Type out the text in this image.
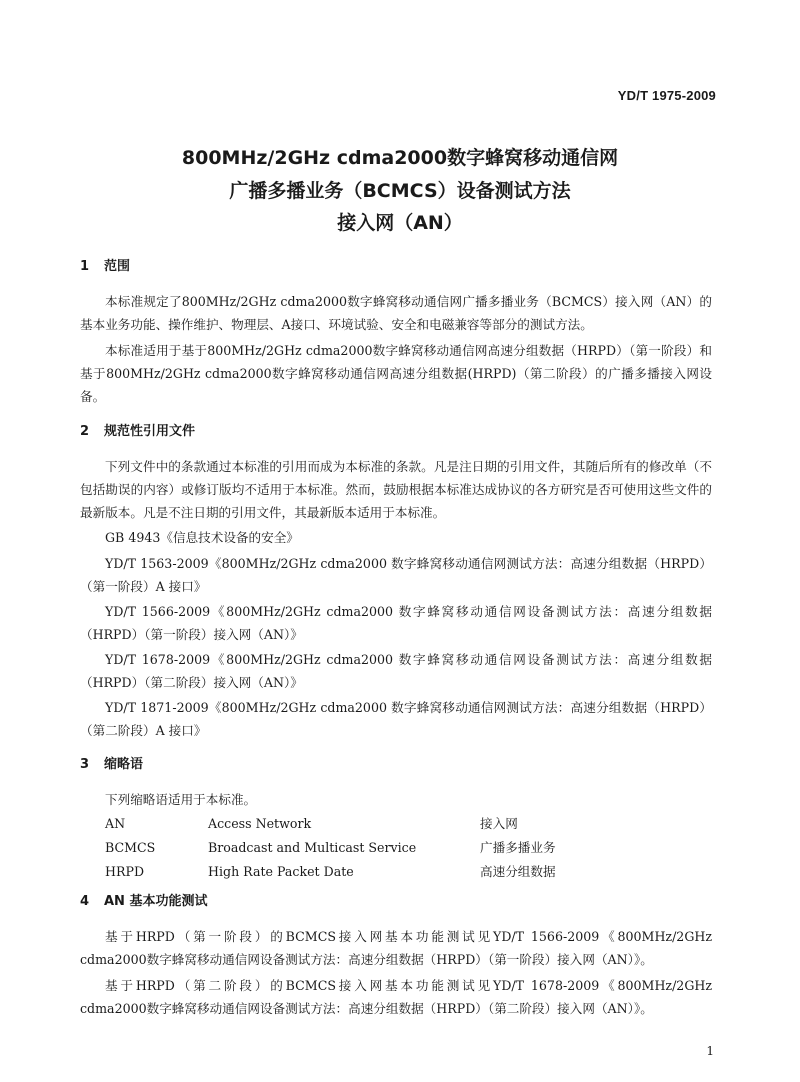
YD/T 1975-2009
800MHz/2GHz cdma2000数字蜂窝移动通信网
广播多播业务（BCMCS）设备测试方法
接入网（AN）
1 范围

本标准规定了800MHz/2GHz cdma2000数字蜂窝移动通信网广播多播业务（BCMCS）接入网（AN）的基本业务功能、操作维护、物理层、A接口、环境试验、安全和电磁兼容等部分的测试方法。

本标准适用于基于800MHz/2GHz cdma2000数字蜂窝移动通信网高速分组数据（HRPD）（第一阶段）和基于800MHz/2GHz cdma2000数字蜂窝移动通信网高速分组数据(HRPD)（第二阶段）的广播多播接入网设备。

2 规范性引用文件

下列文件中的条款通过本标准的引用而成为本标准的条款。凡是注日期的引用文件，其随后所有的修改单（不包括勘误的内容）或修订版均不适用于本标准。然而，鼓励根据本标准达成协议的各方研究是否可使用这些文件的最新版本。凡是不注日期的引用文件，其最新版本适用于本标准。

GB 4943《信息技术设备的安全》

YD/T 1563-2009《800MHz/2GHz cdma2000 数字蜂窝移动通信网测试方法：高速分组数据（HRPD）（第一阶段）A 接口》

YD/T 1566-2009《800MHz/2GHz cdma2000 数字蜂窝移动通信网设备测试方法：高速分组数据（HRPD）（第一阶段）接入网（AN）》

YD/T 1678-2009《800MHz/2GHz cdma2000 数字蜂窝移动通信网设备测试方法：高速分组数据（HRPD）（第二阶段）接入网（AN）》

YD/T 1871-2009《800MHz/2GHz cdma2000 数字蜂窝移动通信网测试方法：高速分组数据（HRPD）（第二阶段）A 接口》

3 缩略语

下列缩略语适用于本标准。

AN	Access Network	接入网
BCMCS	Broadcast and Multicast Service	广播多播业务
HRPD	High Rate Packet Date	高速分组数据
4 AN 基本功能测试

基于HRPD（第一阶段）的BCMCS接入网基本功能测试见YD/T 1566-2009《800MHz/2GHz cdma2000数字蜂窝移动通信网设备测试方法：高速分组数据（HRPD）（第一阶段）接入网（AN）》。

基于HRPD（第二阶段）的BCMCS接入网基本功能测试见YD/T 1678-2009《800MHz/2GHz cdma2000数字蜂窝移动通信网设备测试方法：高速分组数据（HRPD）（第二阶段）接入网（AN）》。

1
